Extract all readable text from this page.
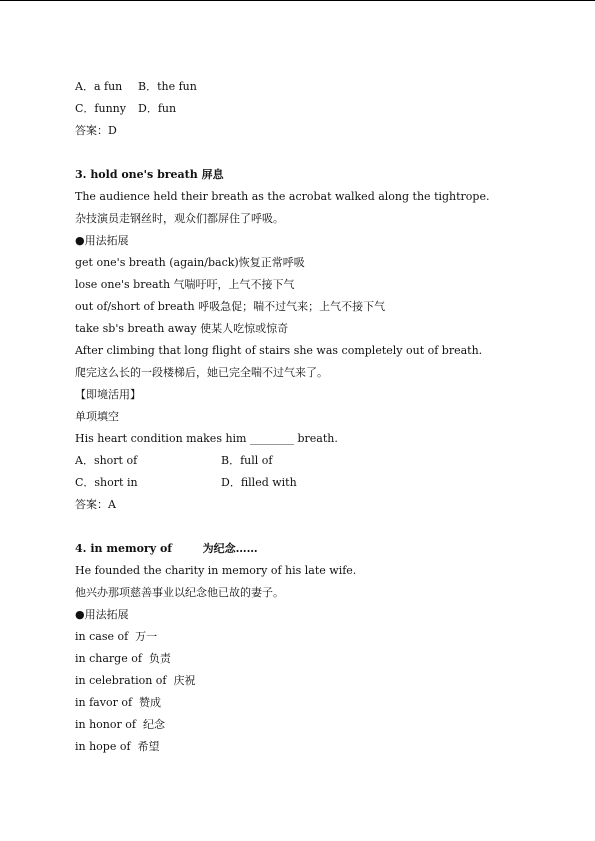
A．a fun B．the fun
C．funny D．fun
答案：D
3. hold one's breath 屏息
The audience held their breath as the acrobat walked along the tightrope.
杂技演员走钢丝时，观众们都屏住了呼吸。
●用法拓展
get one's breath (again/back)恢复正常呼吸
lose one's breath 气喘吁吁，上气不接下气
out of/short of breath 呼吸急促；喘不过气来；上气不接下气
take sb's breath away 使某人吃惊或惊奇
After climbing that long flight of stairs she was completely out of breath.
爬完这么长的一段楼梯后，她已完全喘不过气来了。
【即境活用】
单项填空
His heart condition makes him ________ breath.
A．short of	B．full of
C．short in	D．filled with
答案：A
4. in memory of        为纪念……
He founded the charity in memory of his late wife.
他兴办那项慈善事业以纪念他已故的妻子。
●用法拓展
in case of  万一
in charge of  负责
in celebration of  庆祝
in favor of  赞成
in honor of  纪念
in hope of  希望
